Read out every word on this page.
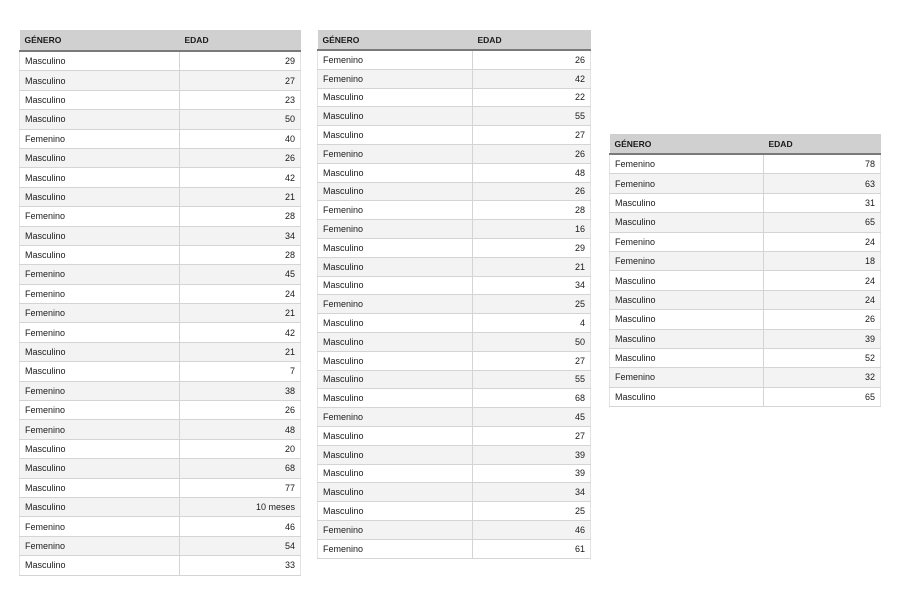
GÉNERO	EDAD
Masculino	29
Masculino	27
Masculino	23
Masculino	50
Femenino	40
Masculino	26
Masculino	42
Masculino	21
Femenino	28
Masculino	34
Masculino	28
Femenino	45
Femenino	24
Femenino	21
Femenino	42
Masculino	21
Masculino	7
Femenino	38
Femenino	26
Femenino	48
Masculino	20
Masculino	68
Masculino	77
Masculino	10 meses
Femenino	46
Femenino	54
Masculino	33
GÉNERO	EDAD
Femenino	26
Femenino	42
Masculino	22
Masculino	55
Masculino	27
Femenino	26
Masculino	48
Masculino	26
Femenino	28
Femenino	16
Masculino	29
Masculino	21
Masculino	34
Femenino	25
Masculino	4
Masculino	50
Masculino	27
Masculino	55
Masculino	68
Femenino	45
Masculino	27
Masculino	39
Masculino	39
Masculino	34
Masculino	25
Femenino	46
Femenino	61
GÉNERO	EDAD
Femenino	78
Femenino	63
Masculino	31
Masculino	65
Femenino	24
Femenino	18
Masculino	24
Masculino	24
Masculino	26
Masculino	39
Masculino	52
Femenino	32
Masculino	65
